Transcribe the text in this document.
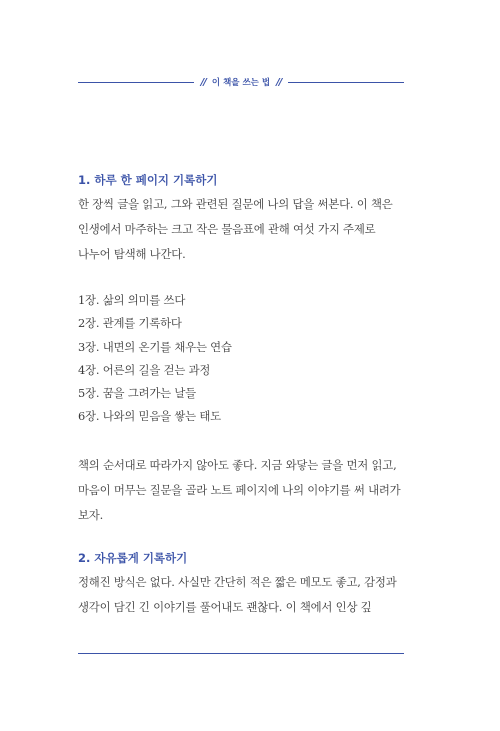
// 이 책을 쓰는 법 //
1. 하루 한 페이지 기록하기

한 장씩 글을 읽고, 그와 관련된 질문에 나의 답을 써본다. 이 책은 인생에서 마주하는 크고 작은 물음표에 관해 여섯 가지 주제로 나누어 탐색해 나간다.

1장. 삶의 의미를 쓰다
2장. 관계를 기록하다
3장. 내면의 온기를 채우는 연습
4장. 어른의 길을 걷는 과정
5장. 꿈을 그려가는 날들
6장. 나와의 믿음을 쌓는 태도

책의 순서대로 따라가지 않아도 좋다. 지금 와닿는 글을 먼저 읽고, 마음이 머무는 질문을 골라 노트 페이지에 나의 이야기를 써 내려가 보자.

2. 자유롭게 기록하기

정해진 방식은 없다. 사실만 간단히 적은 짧은 메모도 좋고, 감정과 생각이 담긴 긴 이야기를 풀어내도 괜찮다. 이 책에서 인상 깊
